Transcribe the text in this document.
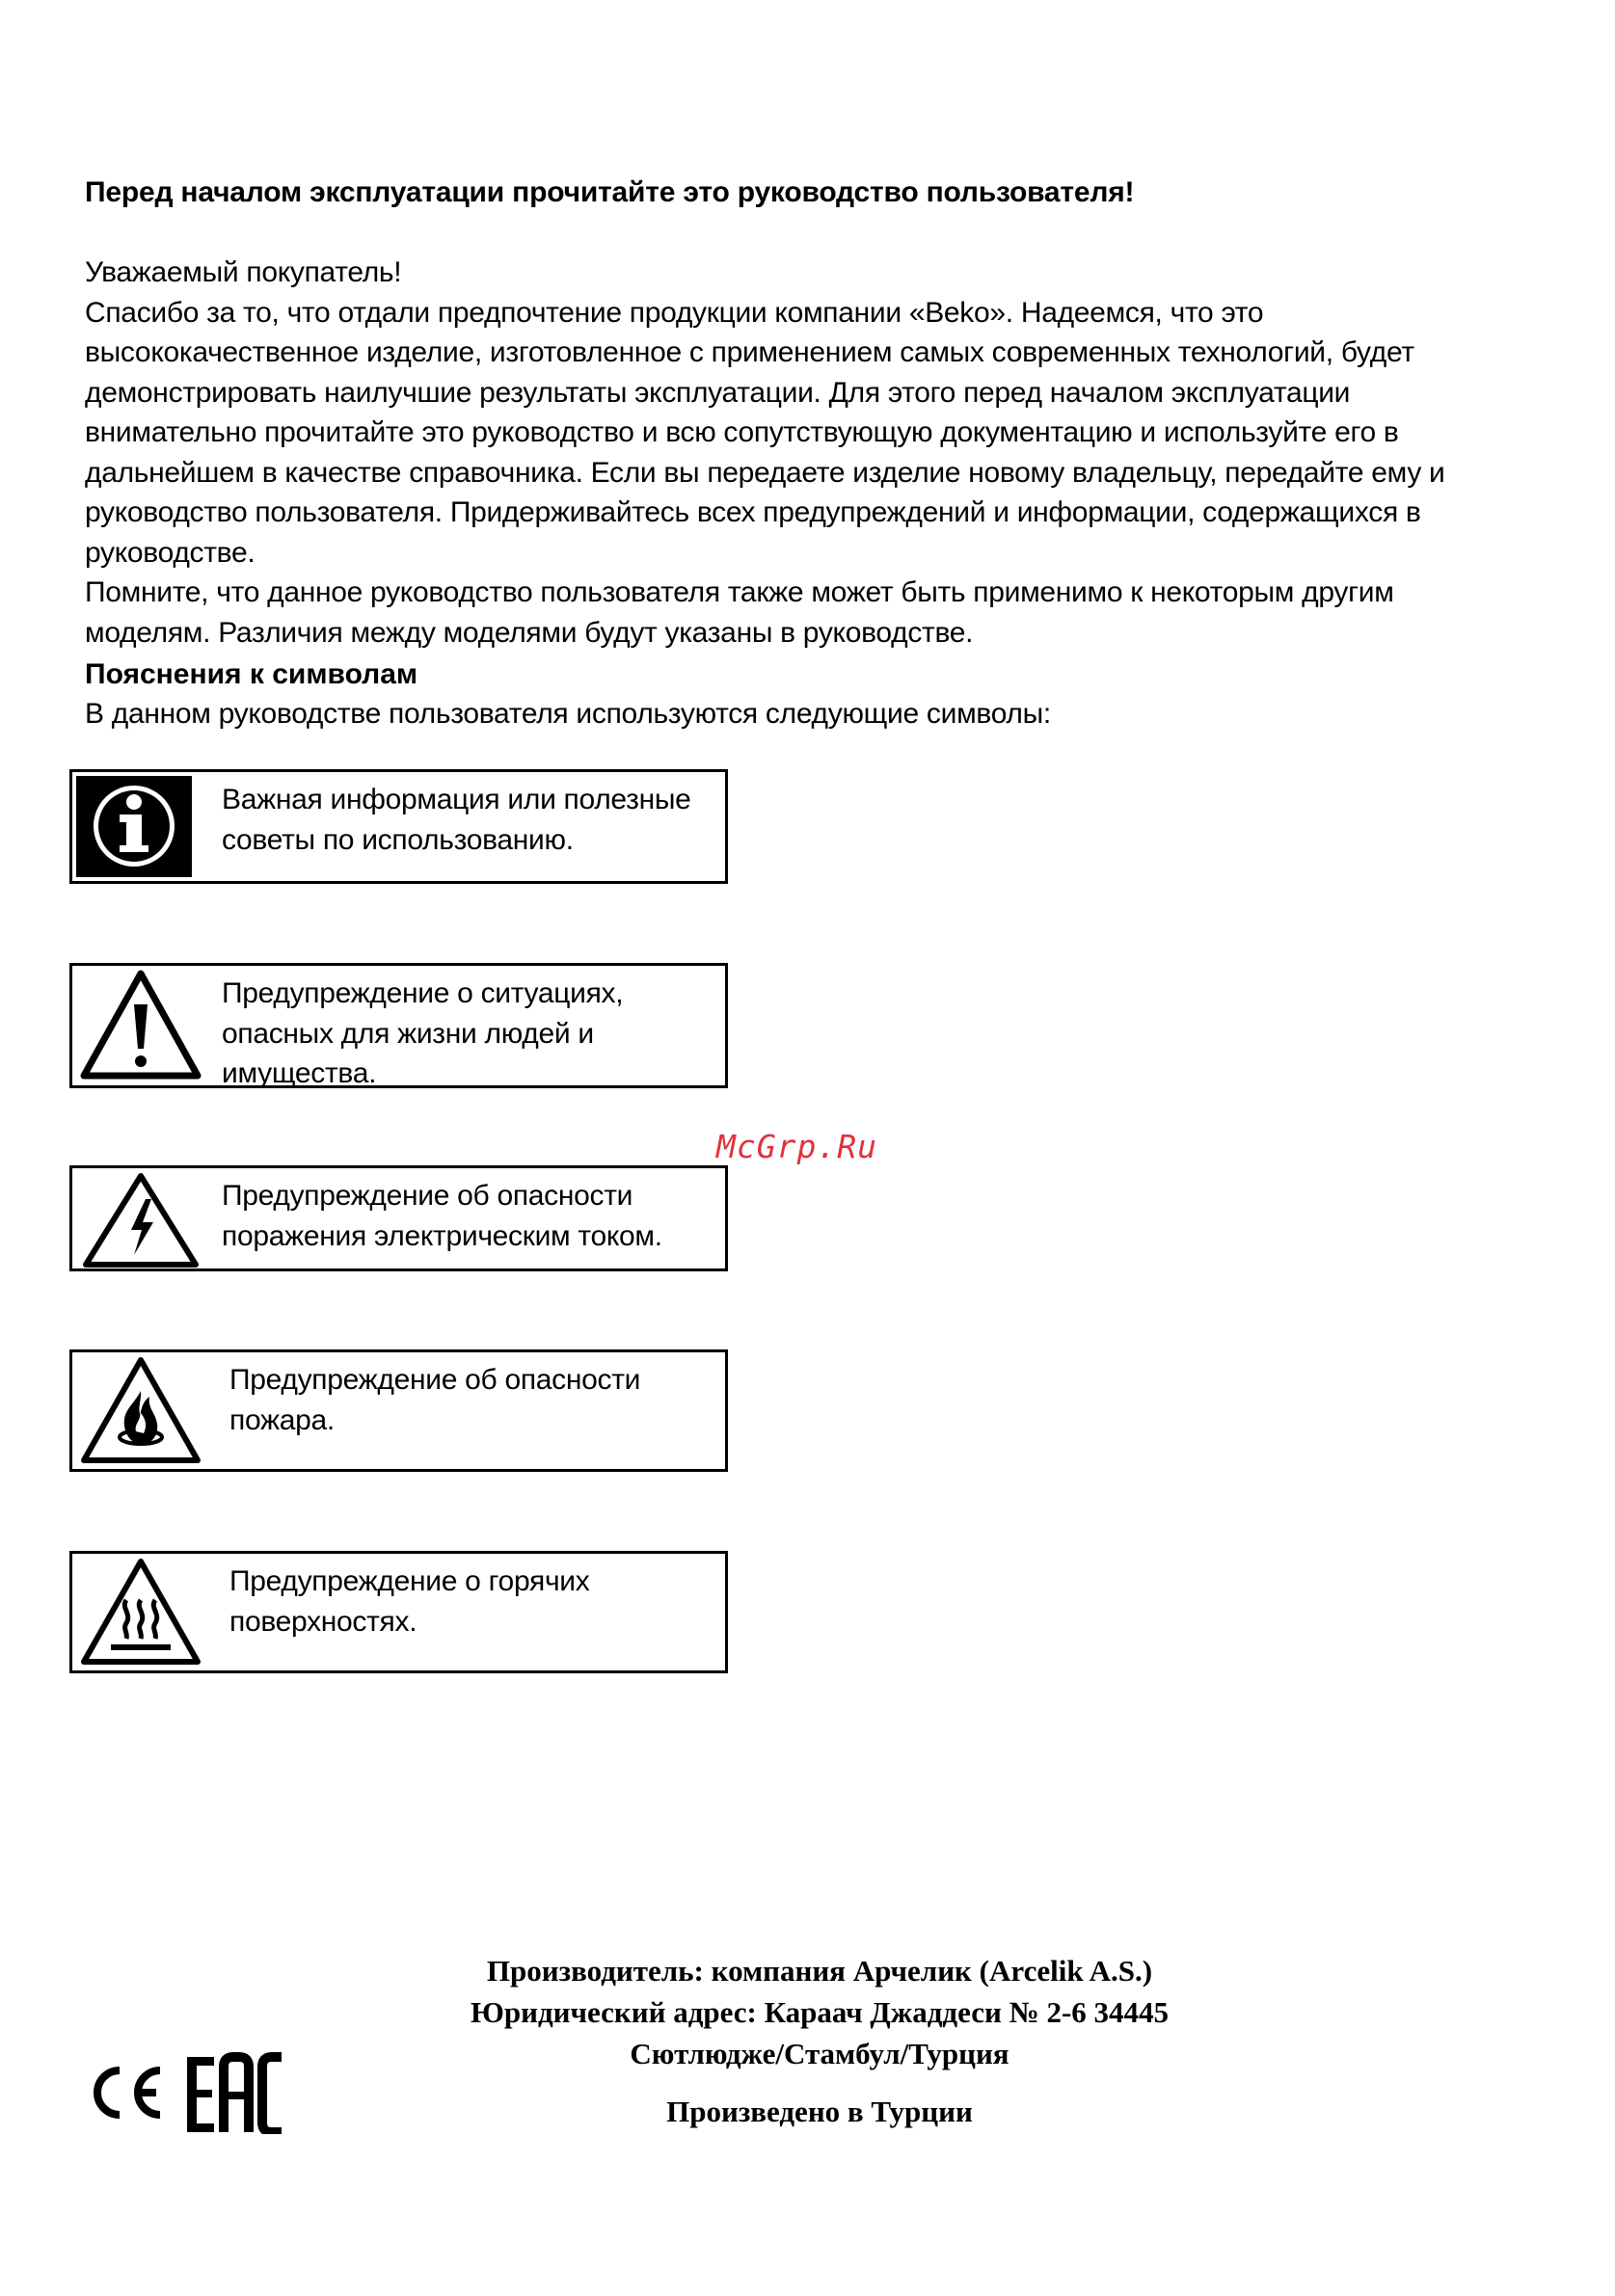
Перед началом эксплуатации прочитайте это руководство пользователя!

Уважаемый покупатель!

Спасибо за то, что отдали предпочтение продукции компании «Beko». Надеемся, что это высококачественное изделие, изготовленное с применением самых современных технологий, будет демонстрировать наилучшие результаты эксплуатации. Для этого перед началом эксплуатации внимательно прочитайте это руководство и всю сопутствующую документацию и используйте его в дальнейшем в качестве справочника. Если вы передаете изделие новому владельцу, передайте ему и руководство пользователя. Придерживайтесь всех предупреждений и информации, содержащихся в руководстве.

Помните, что данное руководство пользователя также может быть применимо к некоторым другим моделям. Различия между моделями будут указаны в руководстве.

Пояснения к символам
В данном руководстве пользователя используются следующие символы:
Важная информация или полезные советы по использованию.
Предупреждение о ситуациях, опасных для жизни людей и имущества.
Предупреждение об опасности поражения электрическим током.
Предупреждение об опасности пожара.
Предупреждение о горячих поверхностях.
McGrp.Ru
Производитель: компания Арчелик (Arcelik A.S.)
Юридический адрес: Караач Джаддеси № 2-6 34445
Сютлюдже/Стамбул/Турция
Произведено в Турции
